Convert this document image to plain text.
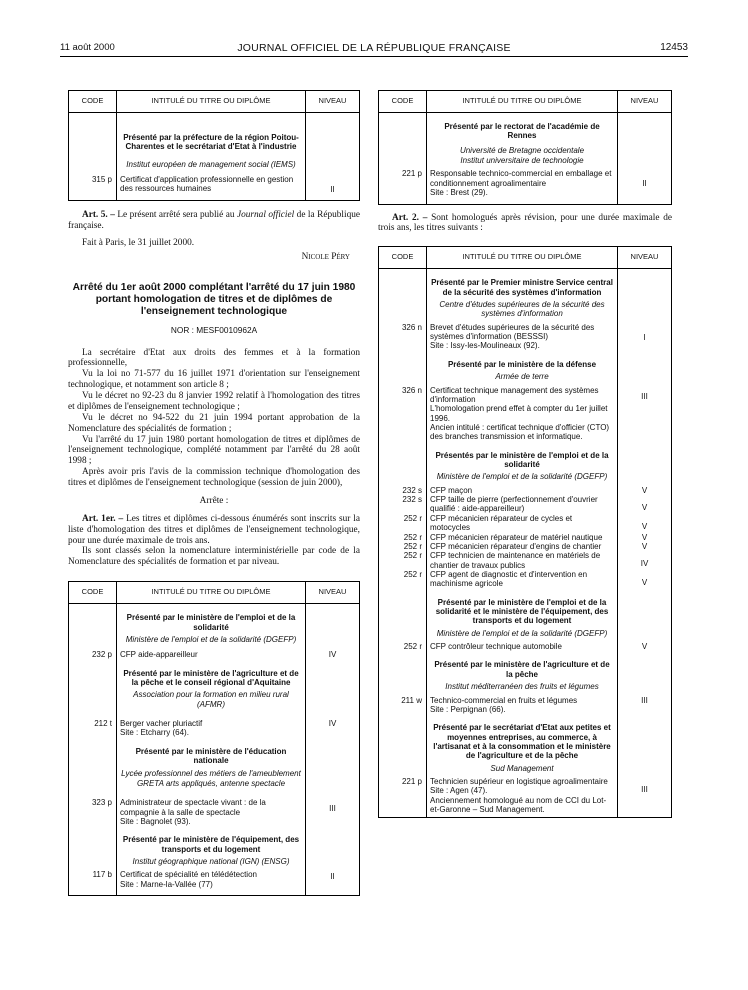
11 août 2000	JOURNAL OFFICIEL DE LA RÉPUBLIQUE FRANÇAISE	12453
CODE	INTITULÉ DU TITRE OU DIPLÔME	NIVEAU

	Présenté par la préfecture de la région Poitou-Charentes et le secrétariat d'Etat à l'industrie
Institut européen de management social (IEMS)	

315 p	Certificat d'application professionnelle en gestion des ressources humaines	II

Art. 5. – Le présent arrêté sera publié au Journal officiel de la République française.

Fait à Paris, le 31 juillet 2000.

Nicole Péry

Arrêté du 1er août 2000 complétant l'arrêté du 17 juin 1980 portant homologation de titres et de diplômes de l'enseignement technologique
NOR : MESF0010962A

La secrétaire d'Etat aux droits des femmes et à la formation professionnelle,

Vu la loi no 71-577 du 16 juillet 1971 d'orientation sur l'enseignement technologique, et notamment son article 8 ;

Vu le décret no 92-23 du 8 janvier 1992 relatif à l'homologation des titres et diplômes de l'enseignement technologique ;

Vu le décret no 94-522 du 21 juin 1994 portant approbation de la Nomenclature des spécialités de formation ;

Vu l'arrêté du 17 juin 1980 portant homologation de titres et diplômes de l'enseignement technologique, complété notamment par l'arrêté du 28 août 1998 ;

Après avoir pris l'avis de la commission technique d'homologation des titres et diplômes de l'enseignement technologique (session de juin 2000),

Arrête :

Art. 1er. – Les titres et diplômes ci-dessous énumérés sont inscrits sur la liste d'homologation des titres et diplômes de l'enseignement technologique, pour une durée maximale de trois ans.

Ils sont classés selon la nomenclature interministérielle par code de la Nomenclature des spécialités de formation et par niveau.

CODE	INTITULÉ DU TITRE OU DIPLÔME	NIVEAU

	Présenté par le ministère de l'emploi et de la solidarité
Ministère de l'emploi et de la solidarité (DGEFP)	

232 p	CFP aide-appareilleur	IV

	Présenté par le ministère de l'agriculture et de la pêche et le conseil régional d'Aquitaine
Association pour la formation en milieu rural (AFMR)	

212 t	Berger vacher pluriactif
Site : Etcharry (64).	IV

	Présenté par le ministère de l'éducation nationale
Lycée professionnel des métiers de l'ameublement
GRETA arts appliqués, antenne spectacle	

323 p	Administrateur de spectacle vivant : de la compagnie à la salle de spectacle
Site : Bagnolet (93).	III

	Présenté par le ministère de l'équipement, des transports et du logement
Institut géographique national (IGN) (ENSG)	

117 b	Certificat de spécialité en télédétection
Site : Marne-la-Vallée (77)	II
CODE	INTITULÉ DU TITRE OU DIPLÔME	NIVEAU

	Présenté par le rectorat de l'académie de Rennes
Université de Bretagne occidentale
Institut universitaire de technologie	

221 p	Responsable technico-commercial en emballage et conditionnement agroalimentaire
Site : Brest (29).	II

Art. 2. – Sont homologués après révision, pour une durée maximale de trois ans, les titres suivants :

CODE	INTITULÉ DU TITRE OU DIPLÔME	NIVEAU

	Présenté par le Premier ministre Service central de la sécurité des systèmes d'information
Centre d'études supérieures de la sécurité des systèmes d'information	

326 n	Brevet d'études supérieures de la sécurité des systèmes d'information (BESSSI)
Site : Issy-les-Moulineaux (92).	I

	Présenté par le ministère de la défense
Armée de terre	

326 n	Certificat technique management des systèmes d'information
L'homologation prend effet à compter du 1er juillet 1996.
Ancien intitulé : certificat technique d'officier (CTO) des branches transmission et informatique.	III

	Présentés par le ministère de l'emploi et de la solidarité
Ministère de l'emploi et de la solidarité (DGEFP)	

232 s	CFP maçon	V
232 s	CFP taille de pierre (perfectionnement d'ouvrier qualifié : aide-appareilleur)	V
252 r	CFP mécanicien réparateur de cycles et motocycles	V
252 r	CFP mécanicien réparateur de matériel nautique	V
252 r	CFP mécanicien réparateur d'engins de chantier	V
252 r	CFP technicien de maintenance en matériels de chantier de travaux publics	IV
252 r	CFP agent de diagnostic et d'intervention en machinisme agricole	V

	Présenté par le ministère de l'emploi et de la solidarité et le ministère de l'équipement, des transports et du logement
Ministère de l'emploi et de la solidarité (DGEFP)	

252 r	CFP contrôleur technique automobile	V

	Présenté par le ministère de l'agriculture et de la pêche
Institut méditerranéen des fruits et légumes	

211 w	Technico-commercial en fruits et légumes
Site : Perpignan (66).	III

	Présenté par le secrétariat d'Etat aux petites et moyennes entreprises, au commerce, à l'artisanat et à la consommation et le ministère de l'agriculture et de la pêche
Sud Management	

221 p	Technicien supérieur en logistique agroalimentaire
Site : Agen (47).
Anciennement homologué au nom de CCI du Lot-et-Garonne – Sud Management.	III
